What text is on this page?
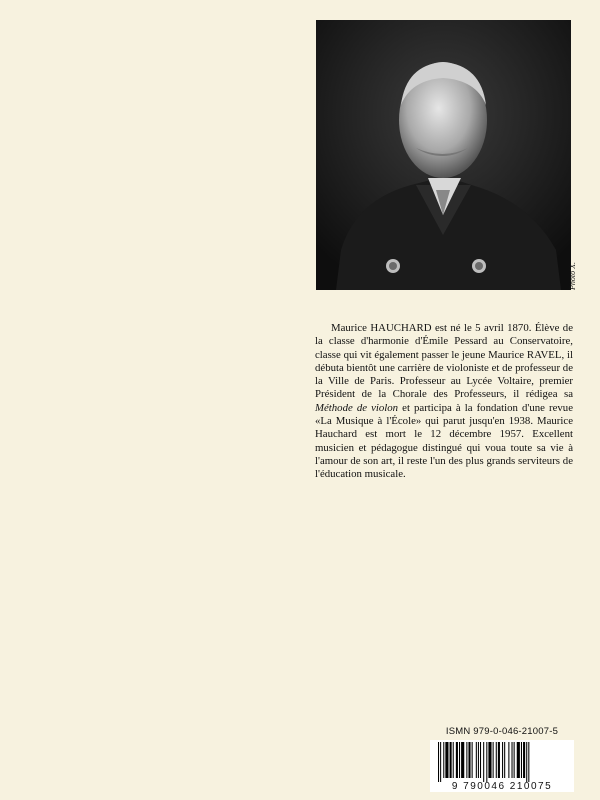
Photo X.

Maurice HAUCHARD est né le 5 avril 1870. Élève de la classe d'harmonie d'Émile Pessard au Conservatoire, classe qui vit également passer le jeune Maurice RAVEL, il débuta bientôt une carrière de violoniste et de professeur de la Ville de Paris. Professeur au Lycée Voltaire, premier Président de la Chorale des Professeurs, il rédigea sa Méthode de violon et participa à la fondation d'une revue «La Musique à l'École» qui parut jusqu'en 1938. Maurice Hauchard est mort le 12 décembre 1957. Excellent musicien et pédagogue distingué qui voua toute sa vie à l'amour de son art, il reste l'un des plus grands serviteurs de l'éducation musicale.

ISMN 979-0-046-21007-5
9 790046 210075
